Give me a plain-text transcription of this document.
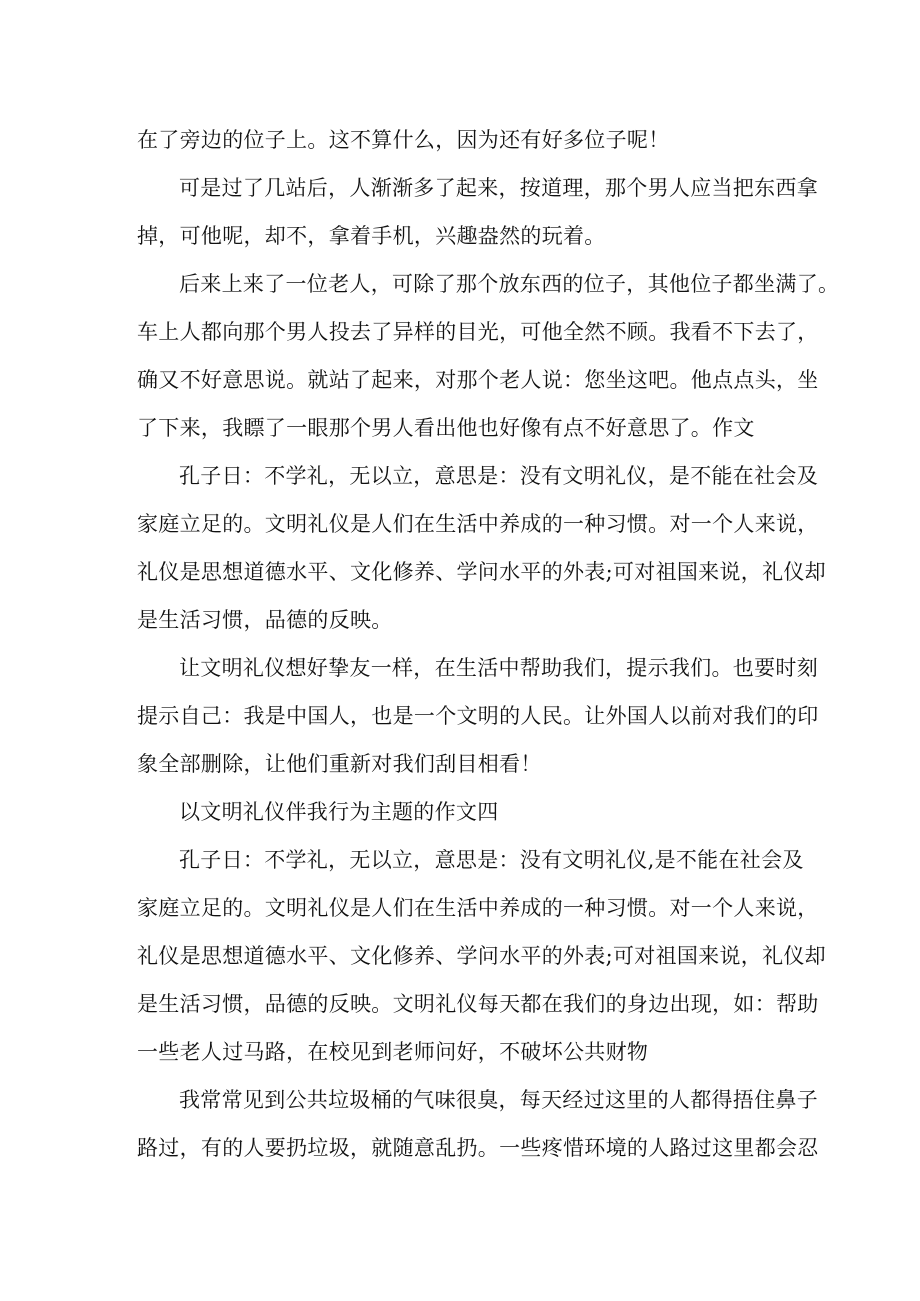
在了旁边的位子上。这不算什么，因为还有好多位子呢！

可是过了几站后，人渐渐多了起来，按道理，那个男人应当把东西拿
掉，可他呢，却不，拿着手机，兴趣盎然的玩着。

后来上来了一位老人，可除了那个放东西的位子，其他位子都坐满了。
车上人都向那个男人投去了异样的目光，可他全然不顾。我看不下去了，
确又不好意思说。就站了起来，对那个老人说：您坐这吧。他点点头，坐
了下来，我瞟了一眼那个男人看出他也好像有点不好意思了。作文

孔子日：不学礼，无以立，意思是：没有文明礼仪，是不能在社会及
家庭立足的。文明礼仪是人们在生活中养成的一种习惯。对一个人来说，
礼仪是思想道德水平、文化修养、学问水平的外表;可对祖国来说，礼仪却
是生活习惯，品德的反映。

让文明礼仪想好挚友一样，在生活中帮助我们，提示我们。也要时刻
提示自己：我是中国人，也是一个文明的人民。让外国人以前对我们的印
象全部删除，让他们重新对我们刮目相看！

以文明礼仪伴我行为主题的作文四

孔子日：不学礼，无以立，意思是：没有文明礼仪,是不能在社会及
家庭立足的。文明礼仪是人们在生活中养成的一种习惯。对一个人来说，
礼仪是思想道德水平、文化修养、学问水平的外表;可对祖国来说，礼仪却
是生活习惯，品德的反映。文明礼仪每天都在我们的身边出现，如：帮助
一些老人过马路，在校见到老师问好，不破坏公共财物

我常常见到公共垃圾桶的气味很臭，每天经过这里的人都得捂住鼻子
路过，有的人要扔垃圾，就随意乱扔。一些疼惜环境的人路过这里都会忍
